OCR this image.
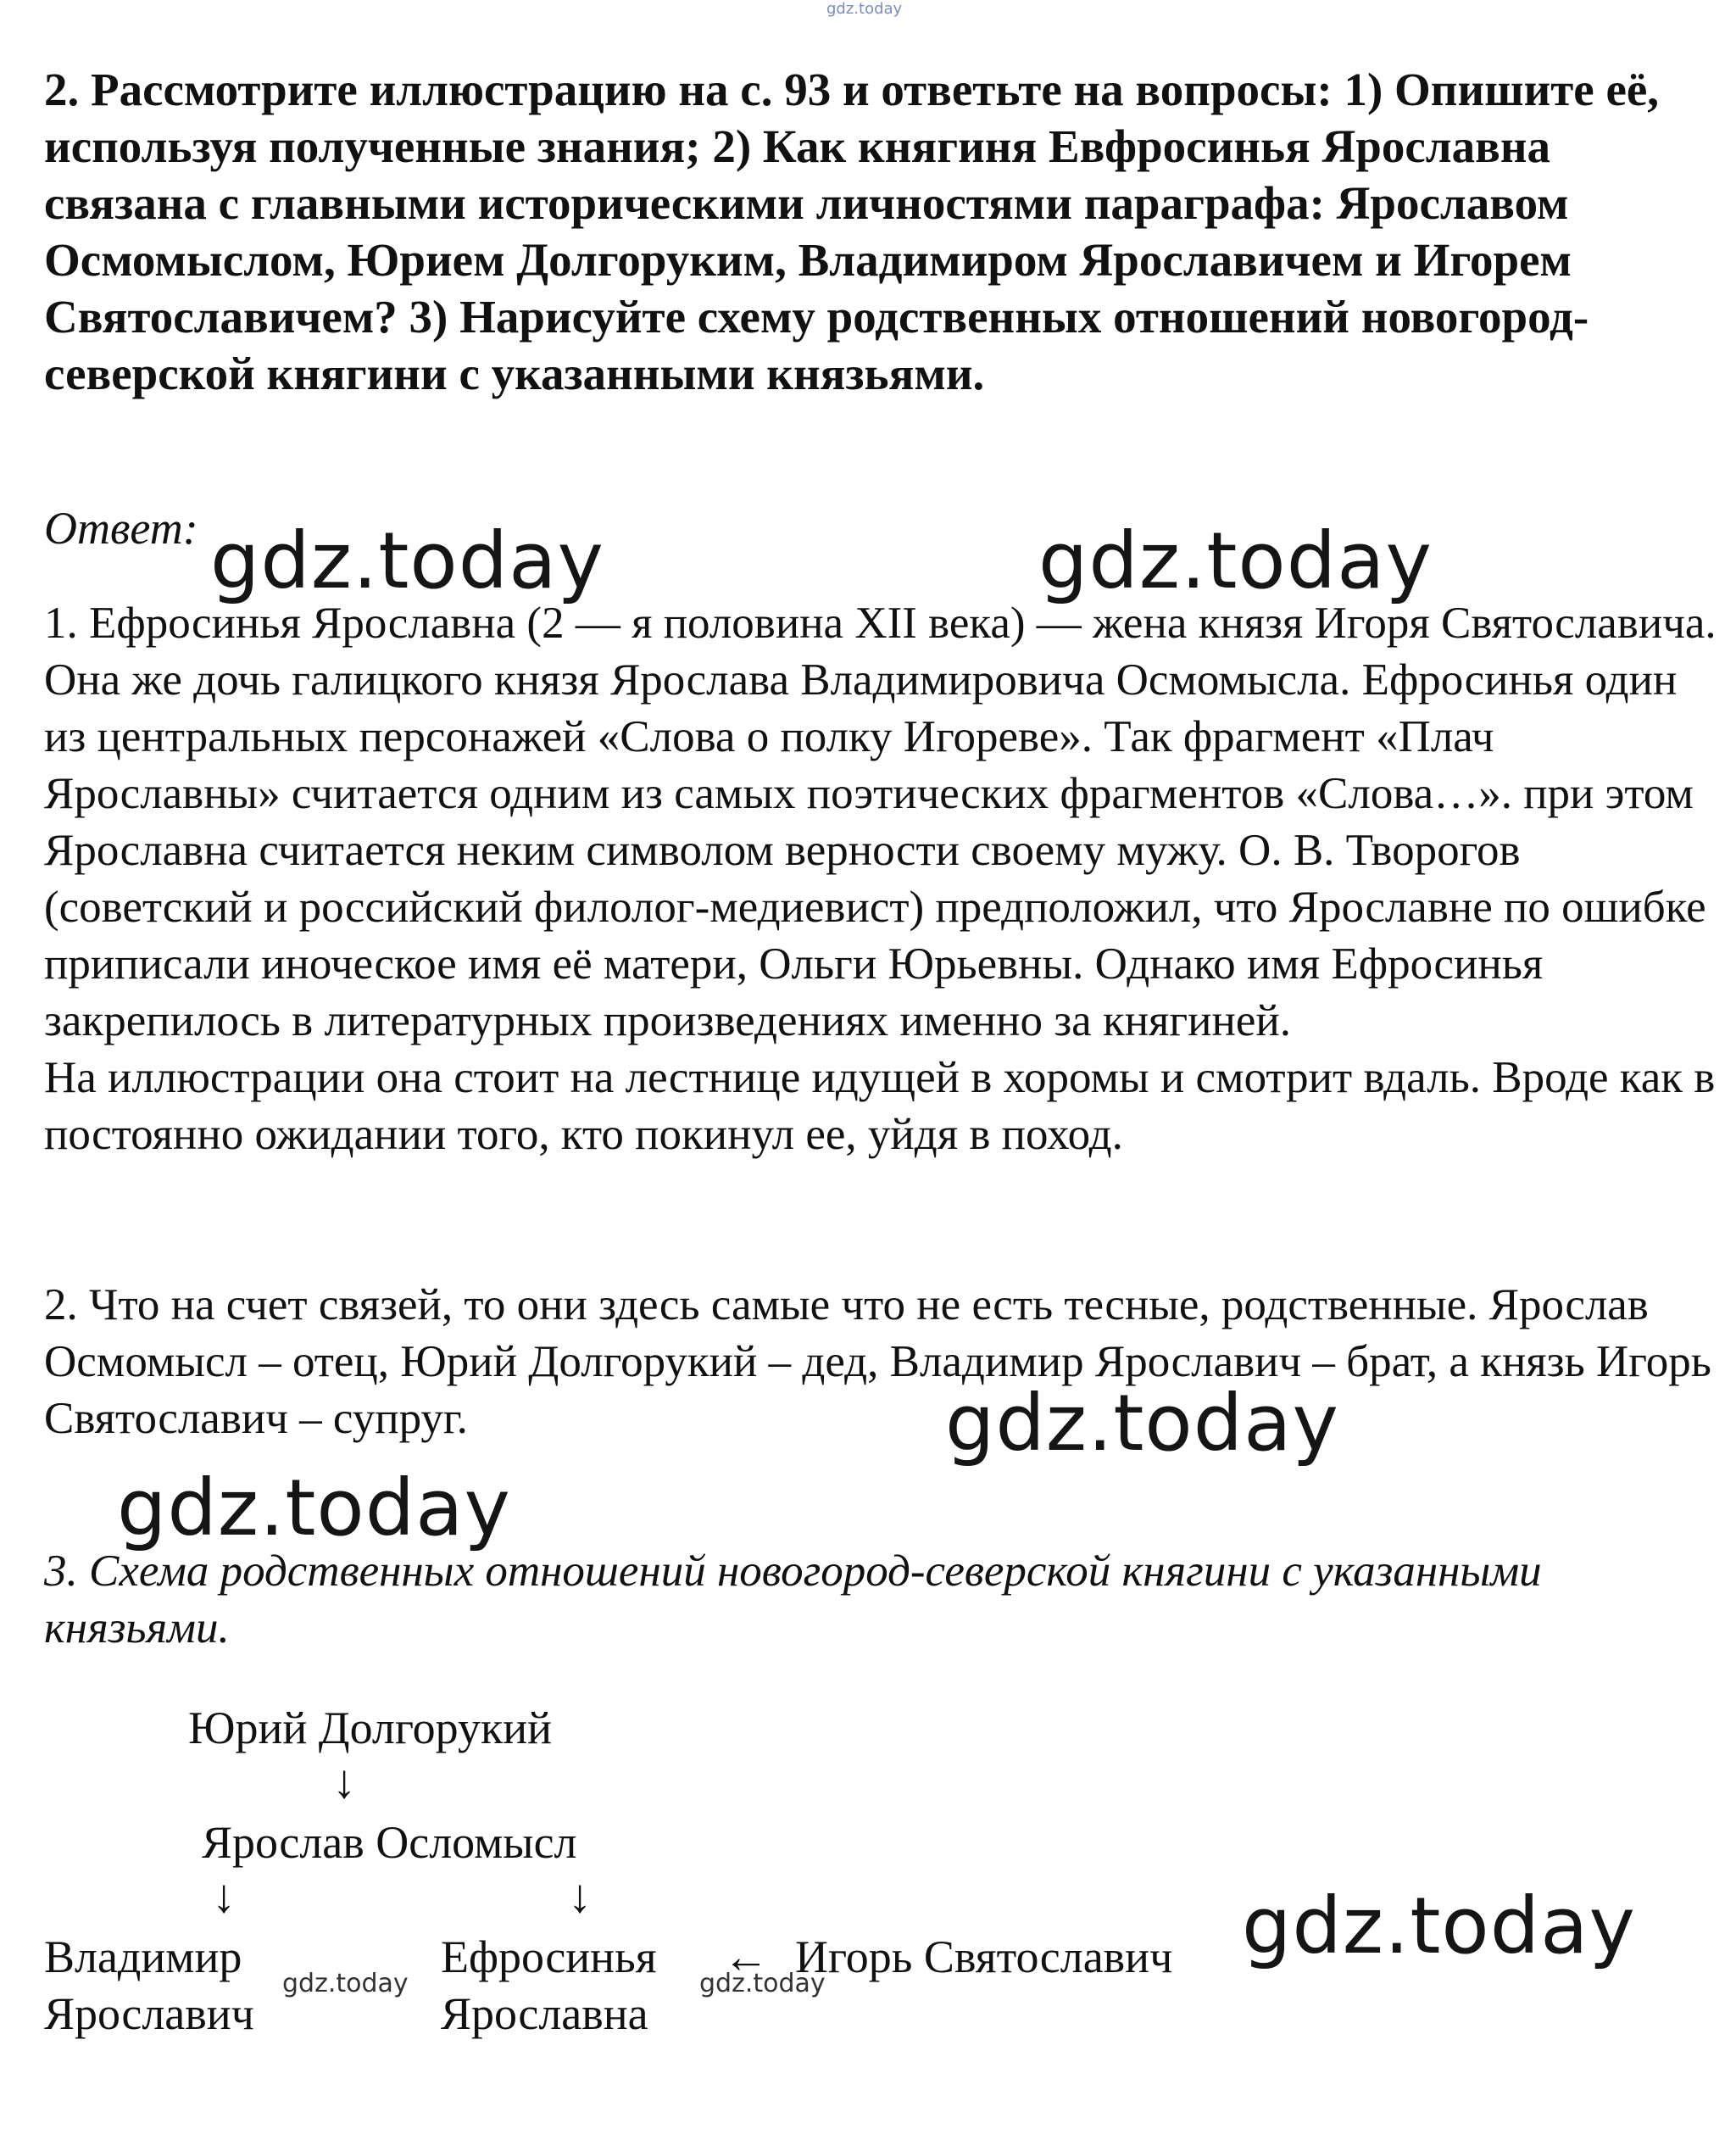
gdz.today
2. Рассмотрите иллюстрацию на с. 93 и ответьте на вопросы: 1) Опишите её, используя полученные знания; 2) Как княгиня Евфросинья Ярославна связана с главными историческими личностями параграфа: Ярославом Осмомыслом, Юрием Долгоруким, Владимиром Ярославичем и Игорем Святославичем? 3) Нарисуйте схему родственных отношений новогород-северской княгини с указанными князьями.
Ответ: gdz.today	gdz.today
1. Ефросинья Ярославна (2 — я половина XII века) — жена князя Игоря Святославича. Она же дочь галицкого князя Ярослава Владимировича Осмомысла. Ефросинья один из центральных персонажей «Слова о полку Игореве». Так фрагмент «Плач Ярославны» считается одним из самых поэтических фрагментов «Слова…». при этом Ярославна считается неким символом верности своему мужу. О. В. Творогов (советский и российский филолог-медиевист) предположил, что Ярославне по ошибке приписали иноческое имя её матери, Ольги Юрьевны. Однако имя Ефросинья закрепилось в литературных произведениях именно за княгиней.
На иллюстрации она стоит на лестнице идущей в хоромы и смотрит вдаль. Вроде как в постоянно ожидании того, кто покинул ее, уйдя в поход.
2. Что на счет связей, то они здесь самые что не есть тесные, родственные. Ярослав Осмомысл – отец, Юрий Долгорукий – дед, Владимир Ярославич – брат, а князь Игорь Святославич – супруг.	gdz.today
gdz.today
3. Схема родственных отношений новогород-северской княгини с указанными князьями.
Юрий Долгорукий
↓
Ярослав Осломысл
↓	↓
Владимир
Ярославич
gdz.today
Ефросинья
Ярославна
gdz.today
← Игорь Святославич gdz.today
